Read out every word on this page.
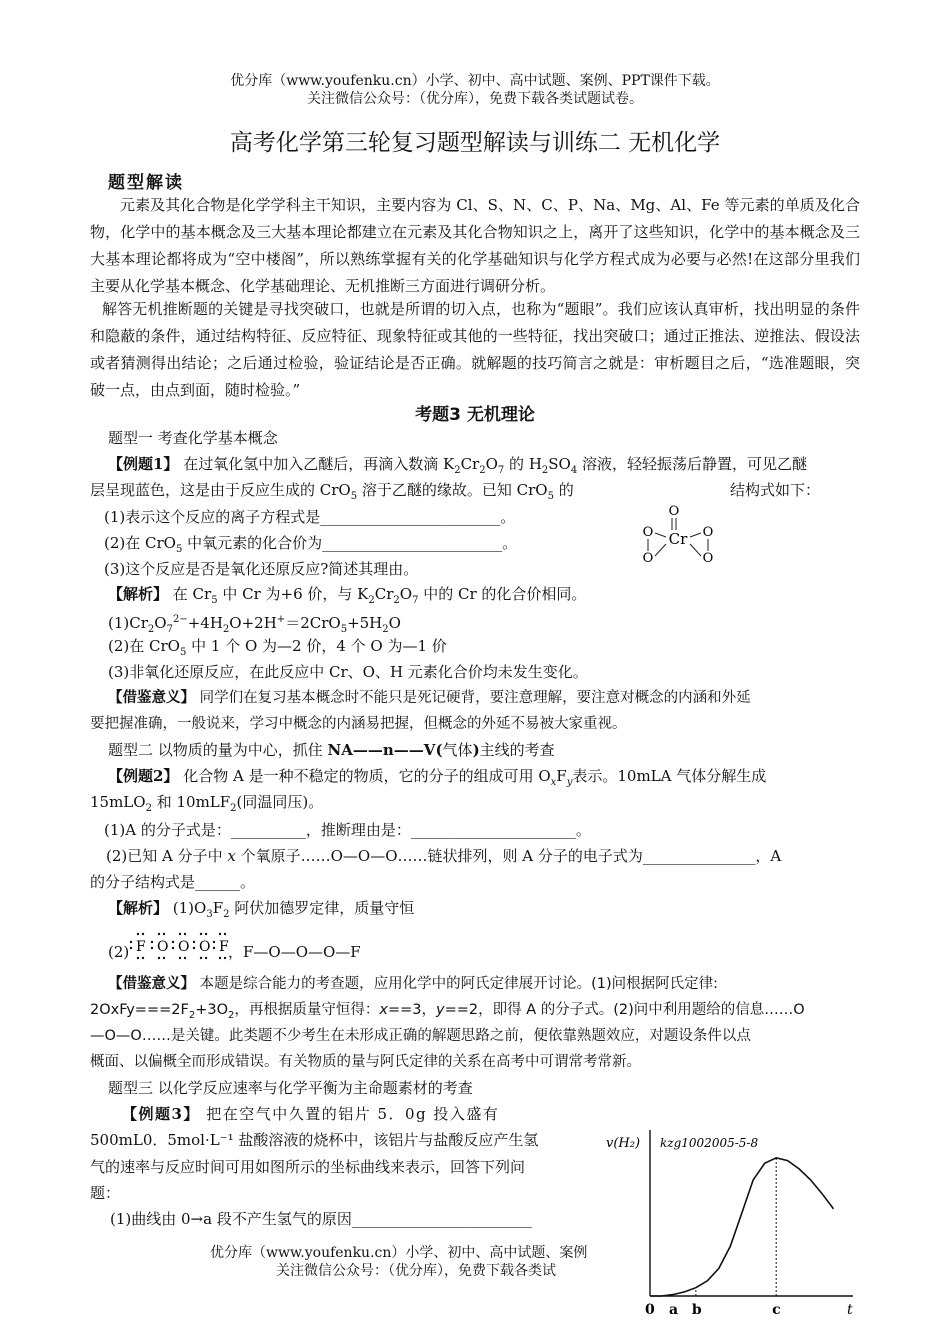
优分库（www.youfenku.cn）小学、初中、高中试题、案例、PPT课件下载。
关注微信公众号：（优分库），免费下载各类试题试卷。
高考化学第三轮复习题型解读与训练二 无机化学
题型解读
元素及其化合物是化学学科主干知识，主要内容为 Cl、S、N、C、P、Na、Mg、Al、Fe 等元素的单质及化合物，化学中的基本概念及三大基本理论都建立在元素及其化合物知识之上，离开了这些知识，化学中的基本概念及三大基本理论都将成为“空中楼阁”，所以熟练掌握有关的化学基础知识与化学方程式成为必要与必然!在这部分里我们主要从化学基本概念、化学基础理论、无机推断三方面进行调研分析。
解答无机推断题的关键是寻找突破口，也就是所谓的切入点，也称为“题眼”。我们应该认真审析，找出明显的条件和隐蔽的条件，通过结构特征、反应特征、现象特征或其他的一些特征，找出突破口；通过正推法、逆推法、假设法或者猜测得出结论；之后通过检验，验证结论是否正确。就解题的技巧简言之就是：审析题目之后，“选准题眼，突破一点，由点到面，随时检验。”
考题3 无机理论
题型一 考查化学基本概念
【例题1】 在过氧化氢中加入乙醚后，再滴入数滴 $K_2Cr_2O_7$ 的 $H_2SO_4$ 溶液，轻轻振荡后静置，可见乙醚
层呈现蓝色，这是由于反应生成的 CrO$_5$ 溶于乙醚的缘故。已知 CrO$_5$ 的	结构式如下：
(1)表示这个反应的离子方程式是________________________。
(2)在 CrO$_5$ 中氧元素的化合价为________________________。
(3)这个反应是否是氧化还原反应?简述其理由。
O
Cr
O
O
O
O
【解析】 在 $Cr_5$ 中 Cr 为+6 价，与 $K_2Cr_2O_7$ 中的 Cr 的化合价相同。
$(1)Cr_2O_7^{2-}+4H_2O+2H^+=2CrO_5+5H_2O$
(2)在 CrO$_5$ 中 1 个 O 为—2 价，4 个 O 为—1 价
(3)非氧化还原反应，在此反应中 Cr、O、H 元素化合价均未发生变化。
【借鉴意义】 同学们在复习基本概念时不能只是死记硬背，要注意理解，要注意对概念的内涵和外延
要把握准确，一般说来，学习中概念的内涵易把握，但概念的外延不易被大家重视。
题型二 以物质的量为中心，抓住 NA——n——V(气体)主线的考查
【例题2】 化合物 A 是一种不稳定的物质，它的分子的组成可用 $O_xF_y$表示。10mLA 气体分解生成
15mLO$_2$ 和 10mLF$_2$(同温同压)。
(1)A 的分子式是：__________，推断理由是：______________________。
(2)已知 A 分子中 x 个氧原子……O—O—O……链状排列，则 A 分子的电子式为_______________，A
的分子结构式是______。
【解析】 $(1)O_3F_2$ 阿伏加德罗定律，质量守恒
(2) F O O O F ，F—O—O—O—F
【借鉴意义】 本题是综合能力的考查题，应用化学中的阿氏定律展开讨论。(1)问根据阿氏定律:
$2OxFy===2F_2+3O_2$，再根据质量守恒得：x==3，y==2，即得 A 的分子式。(2)问中利用题给的信息……O
—O—O……是关键。此类题不少考生在未形成正确的解题思路之前，便依靠熟题效应，对题设条件以点
概面、以偏概全而形成错误。有关物质的量与阿氏定律的关系在高考中可谓常考常新。
题型三 以化学反应速率与化学平衡为主命题素材的考查
【例题3】 把在空气中久置的铝片 5．0g 投入盛有
500mL0．5mol·L⁻¹ 盐酸溶液的烧杯中，该铝片与盐酸反应产生氢
气的速率与反应时间可用如图所示的坐标曲线来表示，回答下列问
题：
(1)曲线由 0→a 段不产生氢气的原因________________________
v(H₂) kzg1002005-5-8
a b	c	t
0
优分库（www.youfenku.cn）小学、初中、高中试题、案例
关注微信公众号：（优分库），免费下载各类试
